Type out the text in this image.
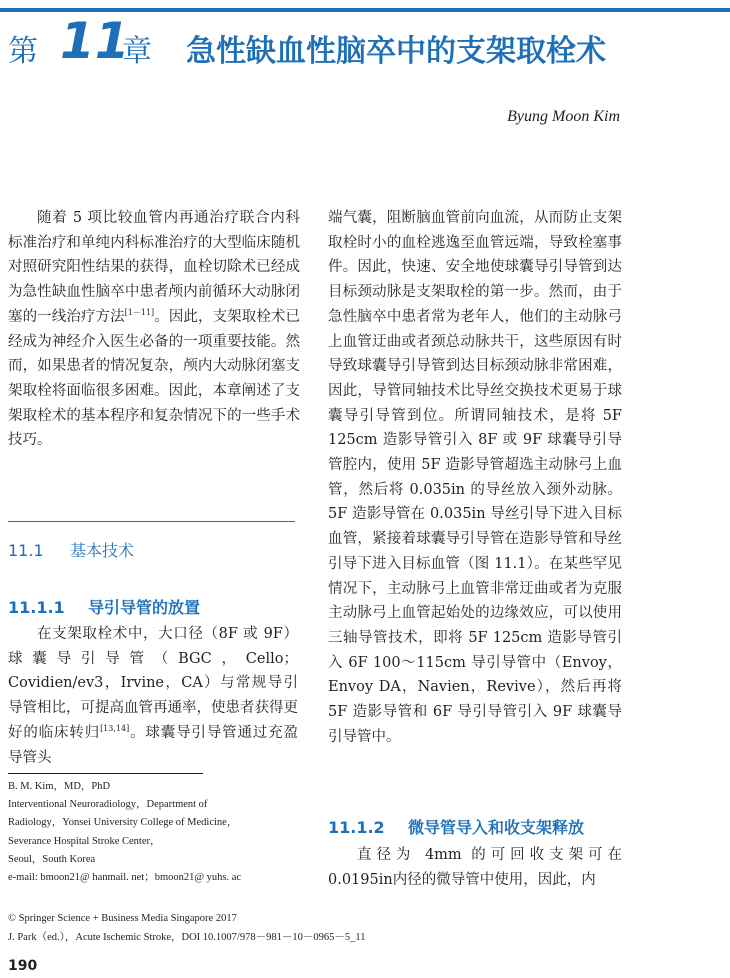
第 11
章 急性缺血性脑卒中的支架取栓术
Byung Moon Kim

随着 5 项比较血管内再通治疗联合内科标准治疗和单纯内科标准治疗的大型临床随机对照研究阳性结果的获得，血栓切除术已经成为急性缺血性脑卒中患者颅内前循环大动脉闭塞的一线治疗方法[1－11]。因此，支架取栓术已经成为神经介入医生必备的一项重要技能。然而，如果患者的情况复杂，颅内大动脉闭塞支架取栓将面临很多困难。因此，本章阐述了支架取栓术的基本程序和复杂情况下的一些手术技巧。

11.1 基本技术
11.1.1 导引导管的放置

在支架取栓术中，大口径（8F 或 9F）球囊导引导管（BGC，Cello；Covidien/ev3，Irvine，CA）与常规导引导管相比，可提高血管再通率，使患者获得更好的临床转归[13,14]。球囊导引导管通过充盈导管头

端气囊，阻断脑血管前向血流，从而防止支架取栓时小的血栓逃逸至血管远端，导致栓塞事件。因此，快速、安全地使球囊导引导管到达目标颈动脉是支架取栓的第一步。然而，由于急性脑卒中患者常为老年人，他们的主动脉弓上血管迂曲或者颈总动脉共干，这些原因有时导致球囊导引导管到达目标颈动脉非常困难，因此，导管同轴技术比导丝交换技术更易于球囊导引导管到位。所谓同轴技术，是将 5F 125cm 造影导管引入 8F 或 9F 球囊导引导管腔内，使用 5F 造影导管超选主动脉弓上血管，然后将 0.035in 的导丝放入颈外动脉。5F 造影导管在 0.035in 导丝引导下进入目标血管，紧接着球囊导引导管在造影导管和导丝引导下进入目标血管（图 11.1）。在某些罕见情况下，主动脉弓上血管非常迂曲或者为克服主动脉弓上血管起始处的边缘效应，可以使用三轴导管技术，即将 5F 125cm 造影导管引入 6F 100～115cm 导引导管中（Envoy，Envoy DA，Navien，Revive），然后再将 5F 造影导管和 6F 导引导管引入 9F 球囊导引导管中。

11.1.2 微导管导入和收支架释放

直径为 4mm 的可回收支架可在 0.0195in内径的微导管中使用，因此，内

B. M. Kim，MD，PhD
Interventional Neuroradiology，Department of
Radiology，Yonsei University College of Medicine，
Severance Hospital Stroke Center，
Seoul，South Korea
e-mail: bmoon21@ hanmail. net；bmoon21@ yuhs. ac
© Springer Science + Business Media Singapore 2017
J. Park（ed.），Acute Ischemic Stroke，DOI 10.1007/978－981－10－0965－5_11
190
